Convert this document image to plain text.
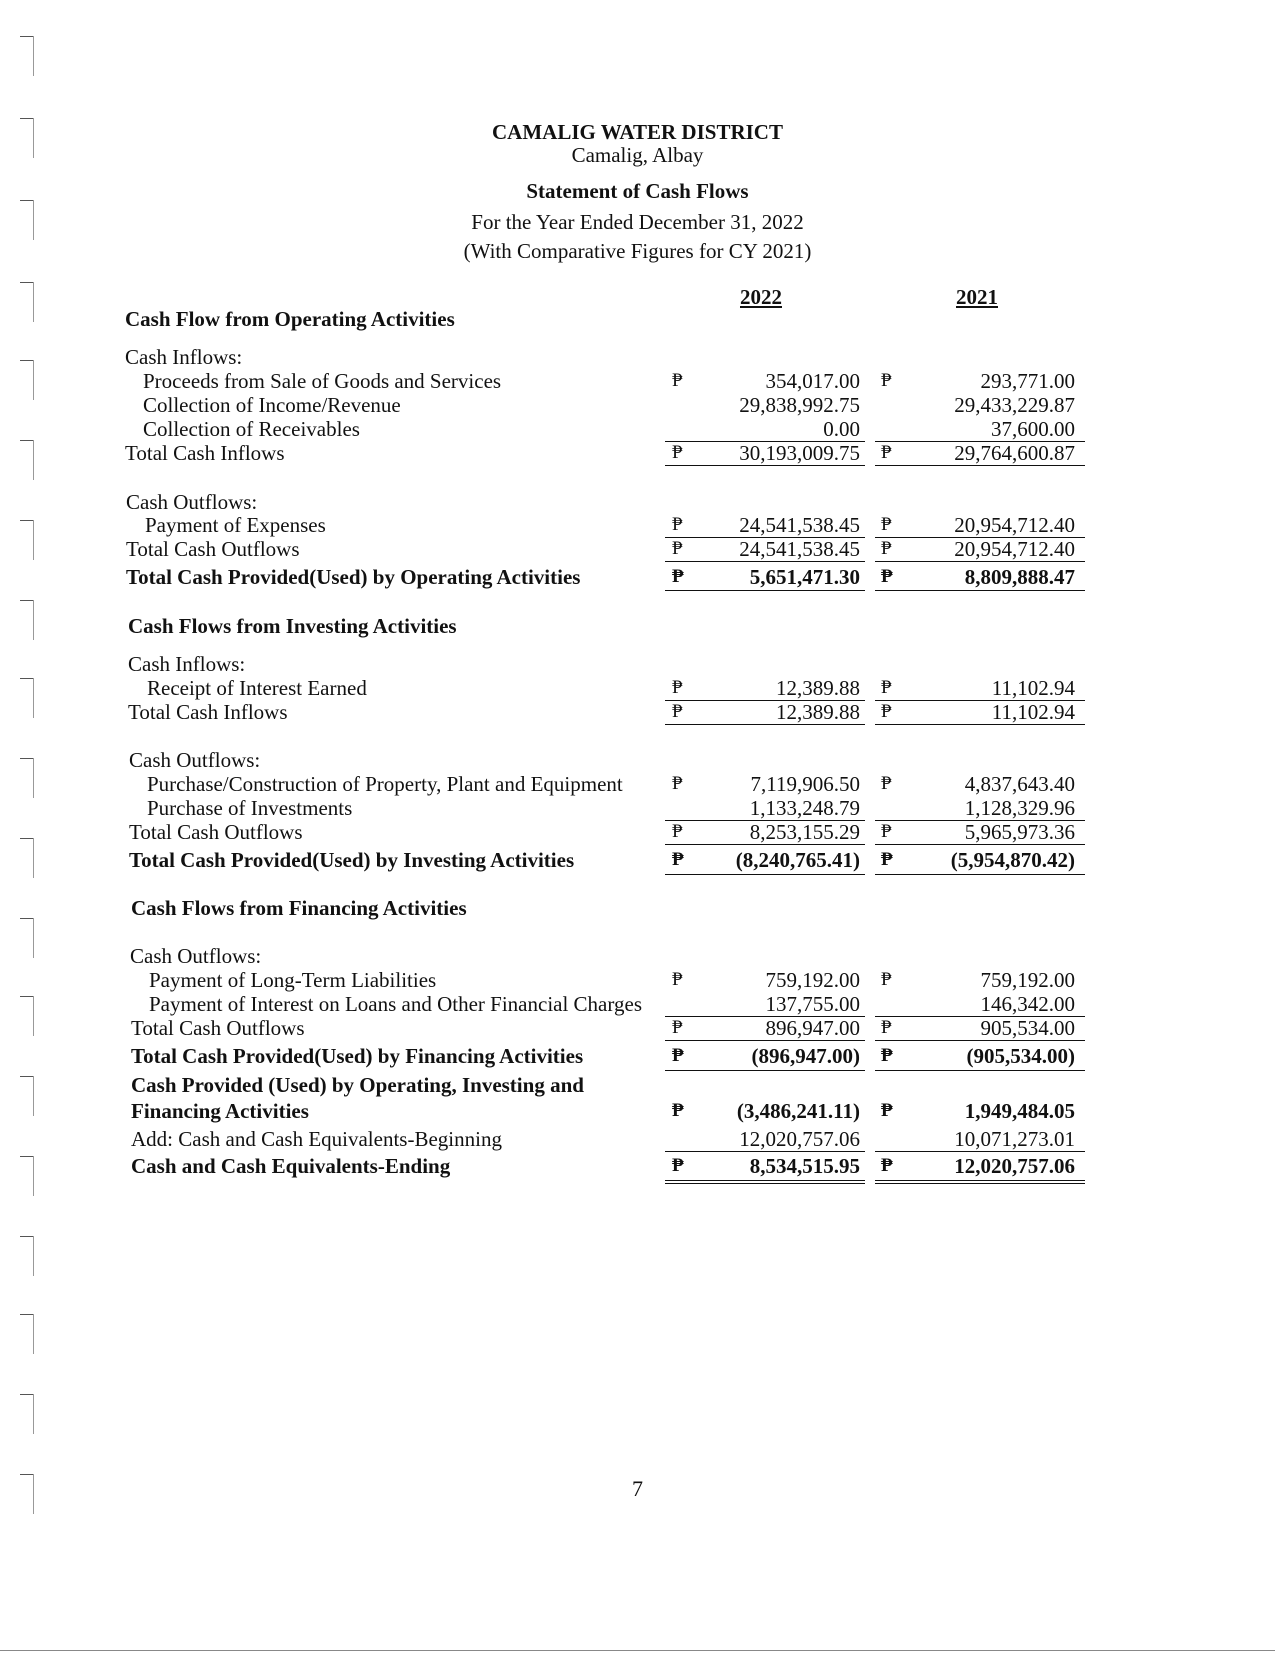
CAMALIG WATER DISTRICT
Camalig, Albay
Statement of Cash Flows
For the Year Ended December 31, 2022
(With Comparative Figures for CY 2021)
2022	2021
Cash Flow from Operating Activities
Cash Inflows:
Proceeds from Sale of Goods and Services	₱	354,017.00 ₱	293,771.00
Collection of Income/Revenue	29,838,992.75	29,433,229.87
Collection of Receivables	0.00	37,600.00
Total Cash Inflows	₱	30,193,009.75 ₱	29,764,600.87
Cash Outflows:
Payment of Expenses	₱	24,541,538.45 ₱	20,954,712.40
Total Cash Outflows	₱	24,541,538.45 ₱	20,954,712.40
Total Cash Provided(Used) by Operating Activities	₱	5,651,471.30 ₱	8,809,888.47
Cash Flows from Investing Activities
Cash Inflows:
Receipt of Interest Earned	₱	12,389.88 ₱	11,102.94
Total Cash Inflows	₱	12,389.88 ₱	11,102.94
Cash Outflows:
Purchase/Construction of Property, Plant and Equipment	₱	7,119,906.50 ₱	4,837,643.40
Purchase of Investments	1,133,248.79	1,128,329.96
Total Cash Outflows	₱	8,253,155.29 ₱	5,965,973.36
Total Cash Provided(Used) by Investing Activities	₱	(8,240,765.41) ₱	(5,954,870.42)
Cash Flows from Financing Activities
Cash Outflows:
Payment of Long-Term Liabilities	₱	759,192.00 ₱	759,192.00
Payment of Interest on Loans and Other Financial Charges	137,755.00	146,342.00
Total Cash Outflows	₱	896,947.00 ₱	905,534.00
Total Cash Provided(Used) by Financing Activities	₱	(896,947.00) ₱	(905,534.00)
Cash Provided (Used) by Operating, Investing and
Financing Activities	₱	(3,486,241.11) ₱	1,949,484.05
Add: Cash and Cash Equivalents-Beginning	12,020,757.06	10,071,273.01
Cash and Cash Equivalents-Ending	₱	8,534,515.95 ₱	12,020,757.06
7
